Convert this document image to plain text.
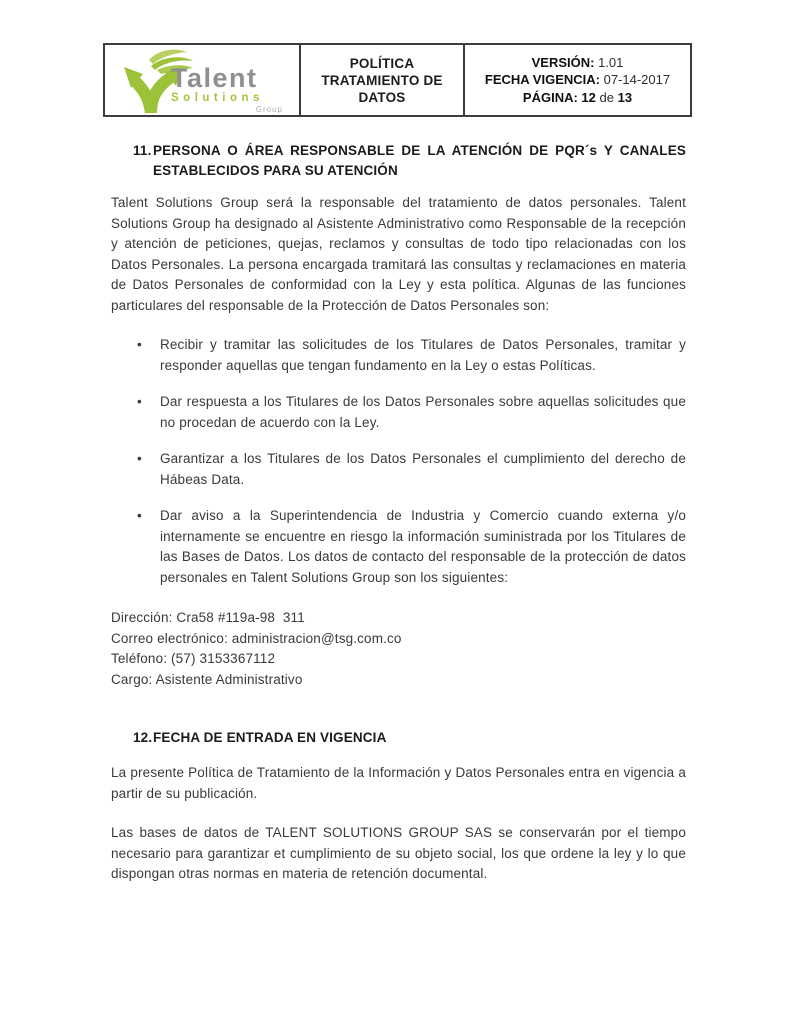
Talent
Solutions
Group
POLÍTICA
TRATAMIENTO DE
DATOS
VERSIÓN: 1.01
FECHA VIGENCIA: 07-14-2017
PÁGINA: 12 de 13
11. PERSONA O ÁREA RESPONSABLE DE LA ATENCIÓN DE PQR´s Y CANALES ESTABLECIDOS PARA SU ATENCIÓN

Talent Solutions Group será la responsable del tratamiento de datos personales. Talent Solutions Group ha designado al Asistente Administrativo como Responsable de la recepción y atención de peticiones, quejas, reclamos y consultas de todo tipo relacionadas con los Datos Personales. La persona encargada tramitará las consultas y reclamaciones en materia de Datos Personales de conformidad con la Ley y esta política. Algunas de las funciones particulares del responsable de la Protección de Datos Personales son:

• Recibir y tramitar las solicitudes de los Titulares de Datos Personales, tramitar y responder aquellas que tengan fundamento en la Ley o estas Políticas.
• Dar respuesta a los Titulares de los Datos Personales sobre aquellas solicitudes que no procedan de acuerdo con la Ley.
• Garantizar a los Titulares de los Datos Personales el cumplimiento del derecho de Hábeas Data.
• Dar aviso a la Superintendencia de Industria y Comercio cuando externa y/o internamente se encuentre en riesgo la información suministrada por los Titulares de las Bases de Datos. Los datos de contacto del responsable de la protección de datos personales en Talent Solutions Group son los siguientes:
Dirección: Cra58 #119a-98  311
Correo electrónico: administracion@tsg.com.co
Teléfono: (57) 3153367112
Cargo: Asistente Administrativo
12. FECHA DE ENTRADA EN VIGENCIA

La presente Política de Tratamiento de la Información y Datos Personales entra en vigencia a partir de su publicación.

Las bases de datos de TALENT SOLUTIONS GROUP SAS se conservarán por el tiempo necesario para garantizar et cumplimiento de su objeto social, los que ordene la ley y lo que dispongan otras normas en materia de retención documental.
